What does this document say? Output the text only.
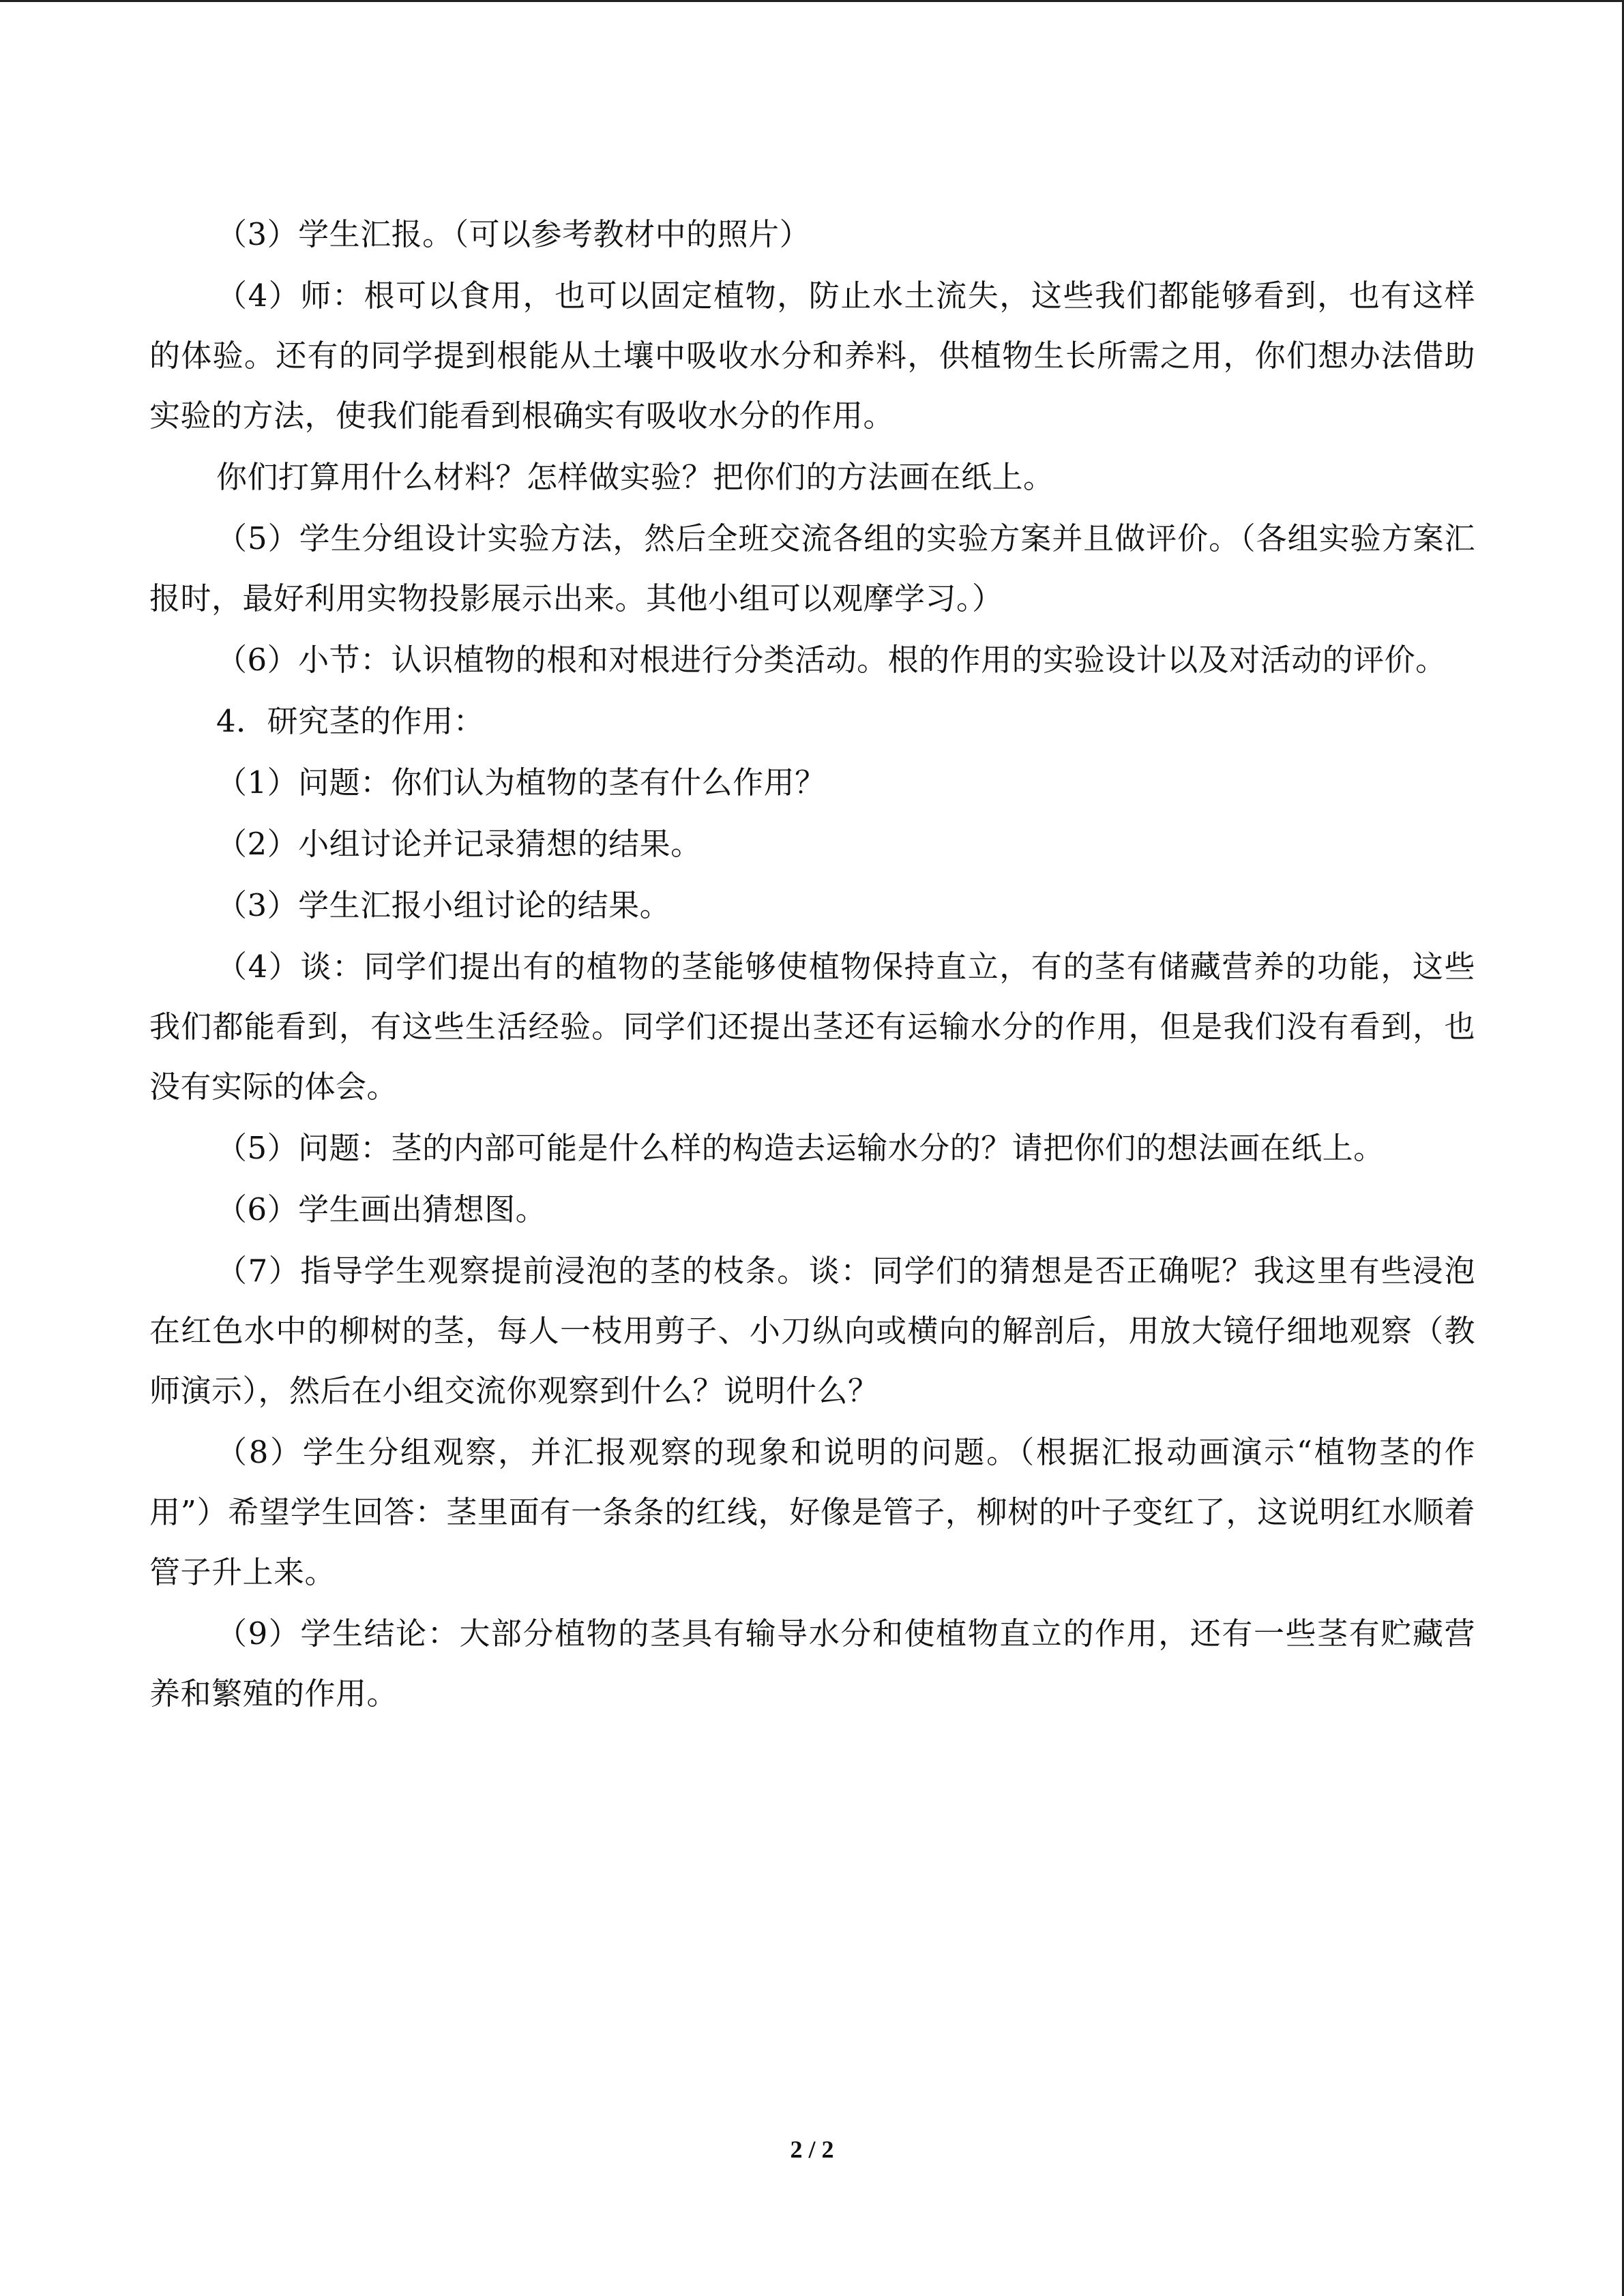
（3）学生汇报。（可以参考教材中的照片）

（4）师：根可以食用，也可以固定植物，防止水土流失，这些我们都能够看到，也有这样的体验。还有的同学提到根能从土壤中吸收水分和养料，供植物生长所需之用，你们想办法借助实验的方法，使我们能看到根确实有吸收水分的作用。

你们打算用什么材料？怎样做实验？把你们的方法画在纸上。

（5）学生分组设计实验方法，然后全班交流各组的实验方案并且做评价。（各组实验方案汇报时，最好利用实物投影展示出来。其他小组可以观摩学习。）

（6）小节：认识植物的根和对根进行分类活动。根的作用的实验设计以及对活动的评价。

4．研究茎的作用：

（1）问题：你们认为植物的茎有什么作用？

（2）小组讨论并记录猜想的结果。

（3）学生汇报小组讨论的结果。

（4）谈：同学们提出有的植物的茎能够使植物保持直立，有的茎有储藏营养的功能，这些我们都能看到，有这些生活经验。同学们还提出茎还有运输水分的作用，但是我们没有看到，也没有实际的体会。

（5）问题：茎的内部可能是什么样的构造去运输水分的？请把你们的想法画在纸上。

（6）学生画出猜想图。

（7）指导学生观察提前浸泡的茎的枝条。谈：同学们的猜想是否正确呢？我这里有些浸泡在红色水中的柳树的茎，每人一枝用剪子、小刀纵向或横向的解剖后，用放大镜仔细地观察（教师演示），然后在小组交流你观察到什么？说明什么？

（8）学生分组观察，并汇报观察的现象和说明的问题。（根据汇报动画演示“植物茎的作用”）希望学生回答：茎里面有一条条的红线，好像是管子，柳树的叶子变红了，这说明红水顺着管子升上来。

（9）学生结论：大部分植物的茎具有输导水分和使植物直立的作用，还有一些茎有贮藏营养和繁殖的作用。

2 / 2
